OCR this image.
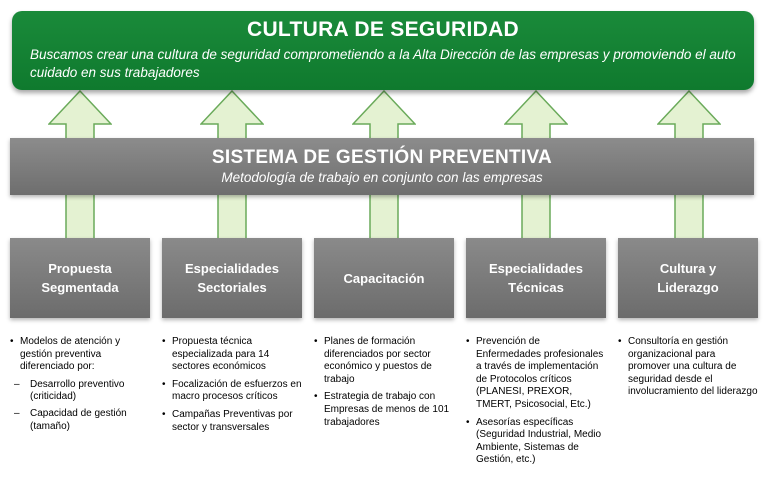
CULTURA DE SEGURIDAD
Buscamos crear una cultura de seguridad comprometiendo a la Alta Dirección de las empresas y promoviendo el auto cuidado en sus trabajadores
SISTEMA DE GESTIÓN PREVENTIVA
Metodología de trabajo en conjunto con las empresas
Propuesta Segmentada
Especialidades Sectoriales
Capacitación
Especialidades Técnicas
Cultura y Liderazgo
• Modelos de atención y gestión preventiva diferenciado por:
– Desarrollo preventivo (criticidad)
– Capacidad de gestión (tamaño)
• Propuesta técnica especializada para 14 sectores económicos
• Focalización de esfuerzos en macro procesos críticos
• Campañas Preventivas por sector y transversales
• Planes de formación diferenciados por sector económico y puestos de trabajo
• Estrategia de trabajo con Empresas de menos de 101 trabajadores
• Prevención de Enfermedades profesionales a través de implementación de Protocolos críticos (PLANESI, PREXOR, TMERT, Psicosocial, Etc.)
• Asesorías específicas (Seguridad Industrial, Medio Ambiente, Sistemas de Gestión, etc.)
• Consultoría en gestión organizacional para promover una cultura de seguridad desde el involucramiento del liderazgo
